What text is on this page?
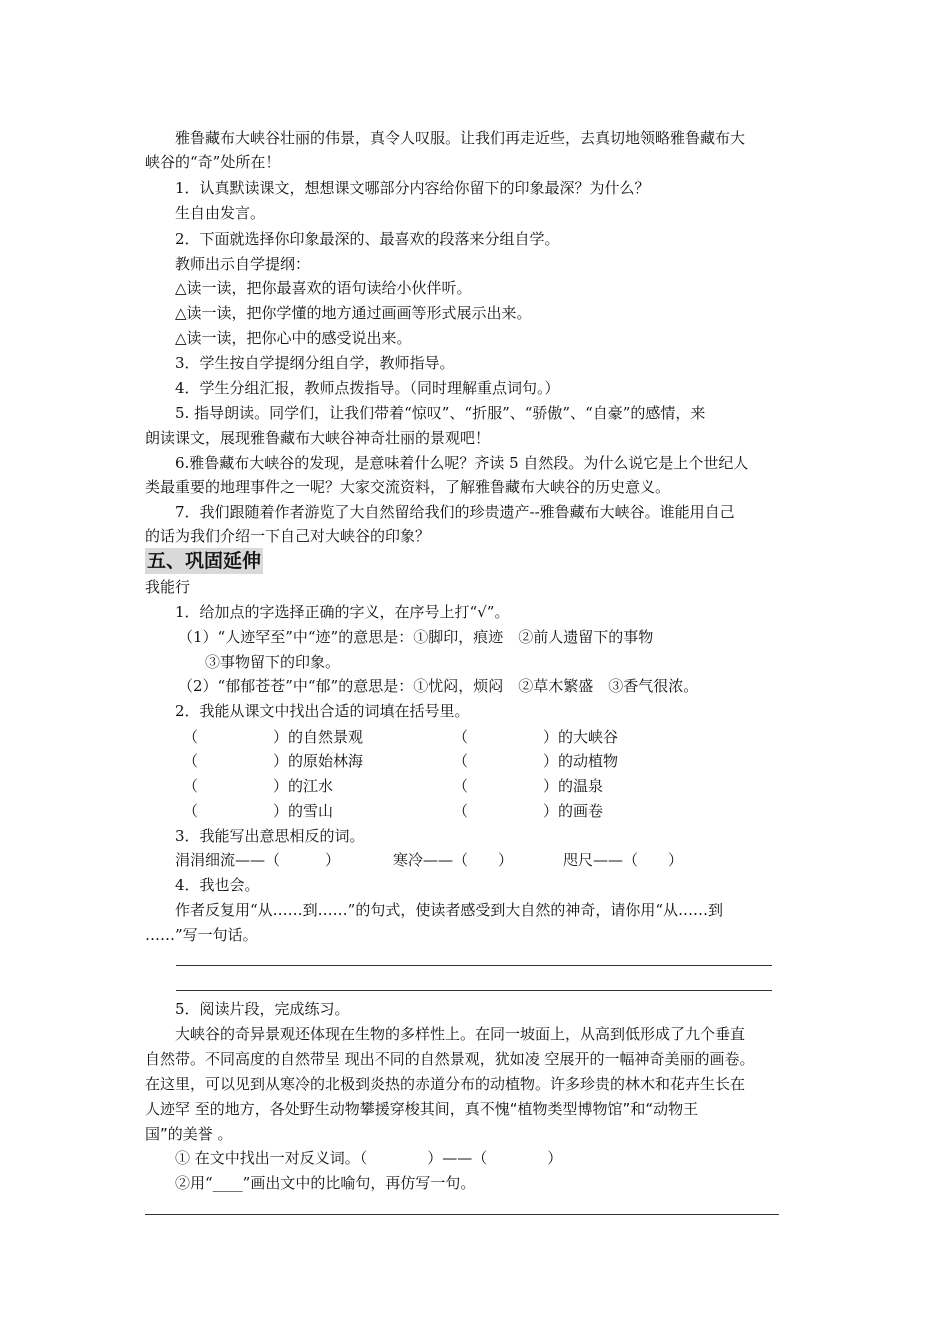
雅鲁藏布大峡谷壮丽的伟景，真令人叹服。让我们再走近些，去真切地领略雅鲁藏布大
峡谷的“奇”处所在！
1．认真默读课文，想想课文哪部分内容给你留下的印象最深？为什么？
生自由发言。
2．下面就选择你印象最深的、最喜欢的段落来分组自学。
教师出示自学提纲：
△读一读，把你最喜欢的语句读给小伙伴听。
△读一读，把你学懂的地方通过画画等形式展示出来。
△读一读，把你心中的感受说出来。
3．学生按自学提纲分组自学，教师指导。
4．学生分组汇报，教师点拨指导。（同时理解重点词句。）
5. 指导朗读。同学们，让我们带着“惊叹”、“折服”、“骄傲”、“自豪”的感情，来
朗读课文，展现雅鲁藏布大峡谷神奇壮丽的景观吧！
6.雅鲁藏布大峡谷的发现，是意味着什么呢？齐读 5 自然段。为什么说它是上个世纪人
类最重要的地理事件之一呢？大家交流资料，了解雅鲁藏布大峡谷的历史意义。
7．我们跟随着作者游览了大自然留给我们的珍贵遗产--雅鲁藏布大峡谷。谁能用自己
的话为我们介绍一下自己对大峡谷的印象？
五、巩固延伸
我能行
1．给加点的字选择正确的字义，在序号上打“√”。
（1）“人迹罕至”中“迹”的意思是：①脚印，痕迹　②前人遗留下的事物
③事物留下的印象。
（2）“郁郁苍苍”中“郁”的意思是：①忧闷，烦闷　②草木繁盛　③香气很浓。
2．我能从课文中找出合适的词填在括号里。
（　　　　　）的自然景观	（　　　　　）的大峡谷
（　　　　　）的原始林海	（　　　　　）的动植物
（　　　　　）的江水	（　　　　　）的温泉
（　　　　　）的雪山	（　　　　　）的画卷
3．我能写出意思相反的词。
涓涓细流——（　　　）	寒冷——（　　）	咫尺——（　　）
4．我也会。
作者反复用“从……到……”的句式，使读者感受到大自然的神奇，请你用“从……到
……”写一句话。
5．阅读片段，完成练习。
大峡谷的奇异景观还体现在生物的多样性上。在同一坡面上，从高到低形成了九个垂直
自然带。不同高度的自然带呈 现出不同的自然景观，犹如凌 空展开的一幅神奇美丽的画卷。
在这里，可以见到从寒冷的北极到炎热的赤道分布的动植物。许多珍贵的林木和花卉生长在
人迹罕 至的地方，各处野生动物攀援穿梭其间，真不愧“植物类型博物馆”和“动物王
国”的美誉 。
① 在文中找出一对反义词。（　　　　）——（　　　　）
②用“____”画出文中的比喻句，再仿写一句。
